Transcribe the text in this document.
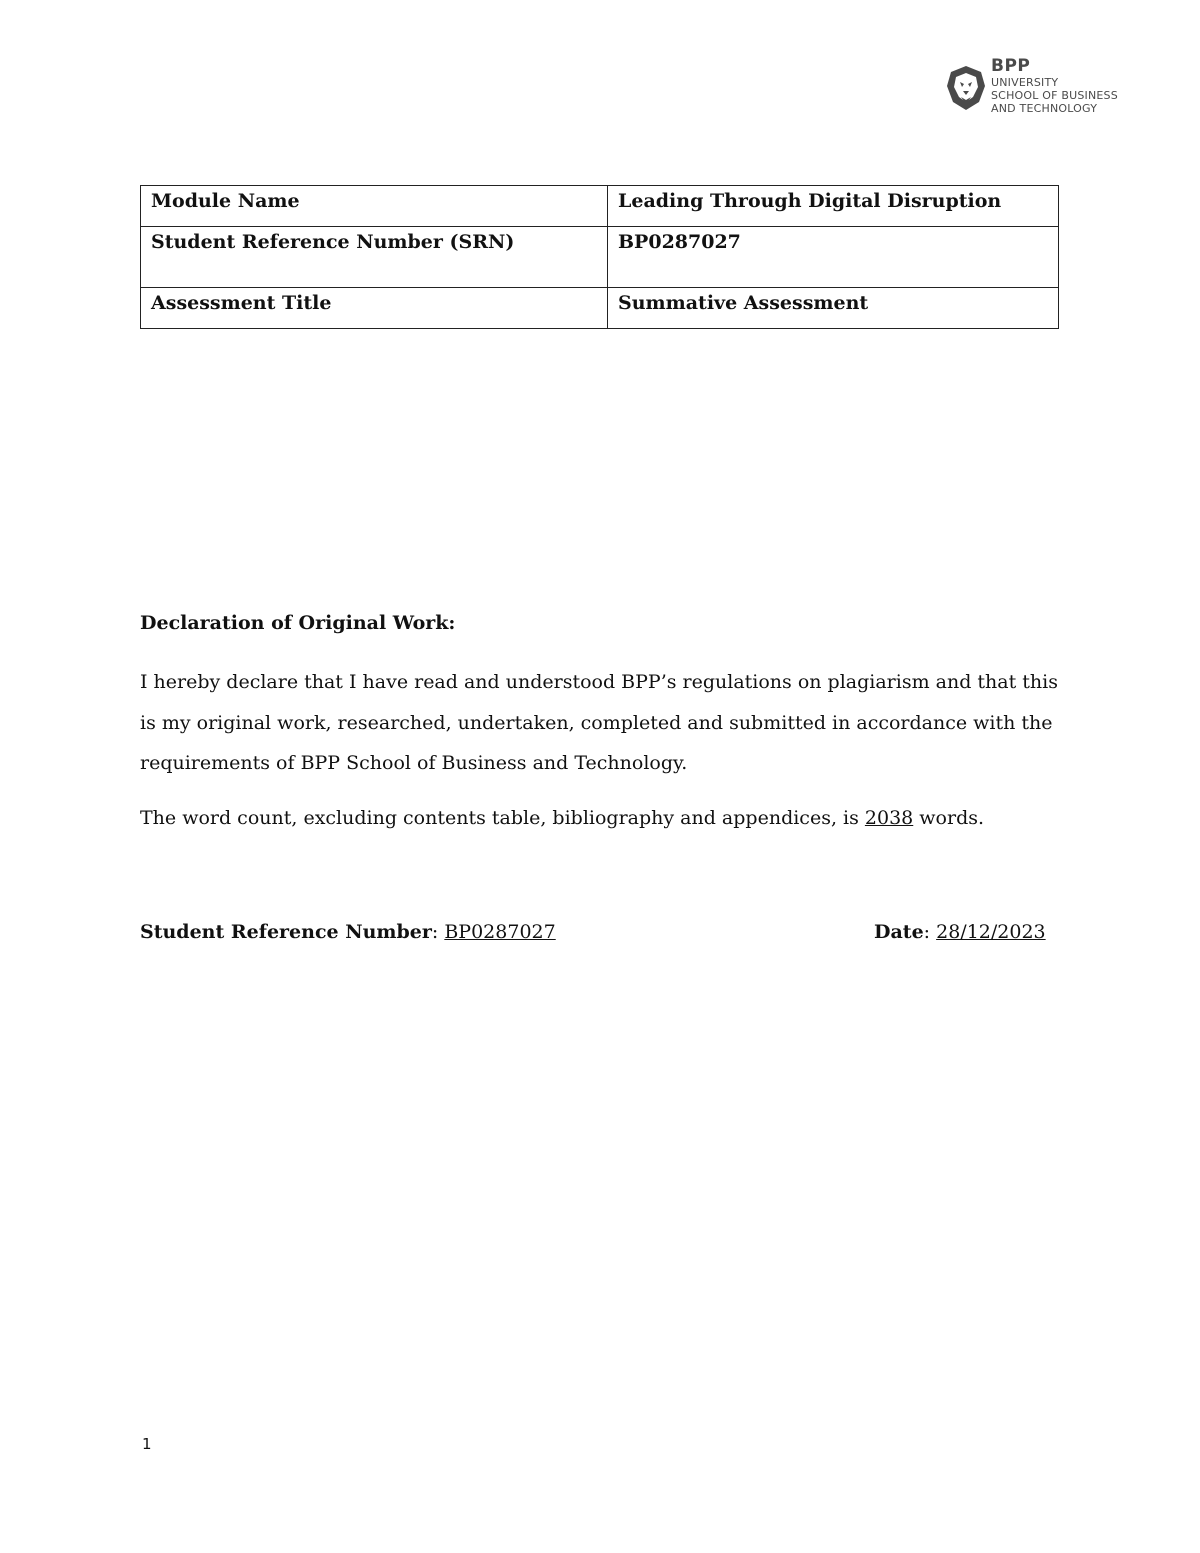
BPP
UNIVERSITY
SCHOOL OF BUSINESS
AND TECHNOLOGY
Module Name	Leading Through Digital Disruption
Student Reference Number (SRN)	BP0287027
Assessment Title	Summative Assessment

Declaration of Original Work:

I hereby declare that I have read and understood BPP’s regulations on plagiarism and that this is my original work, researched, undertaken, completed and submitted in accordance with the requirements of BPP School of Business and Technology.

The word count, excluding contents table, bibliography and appendices, is 2038 words.

Student Reference Number: BP0287027	Date: 28/12/2023

1
